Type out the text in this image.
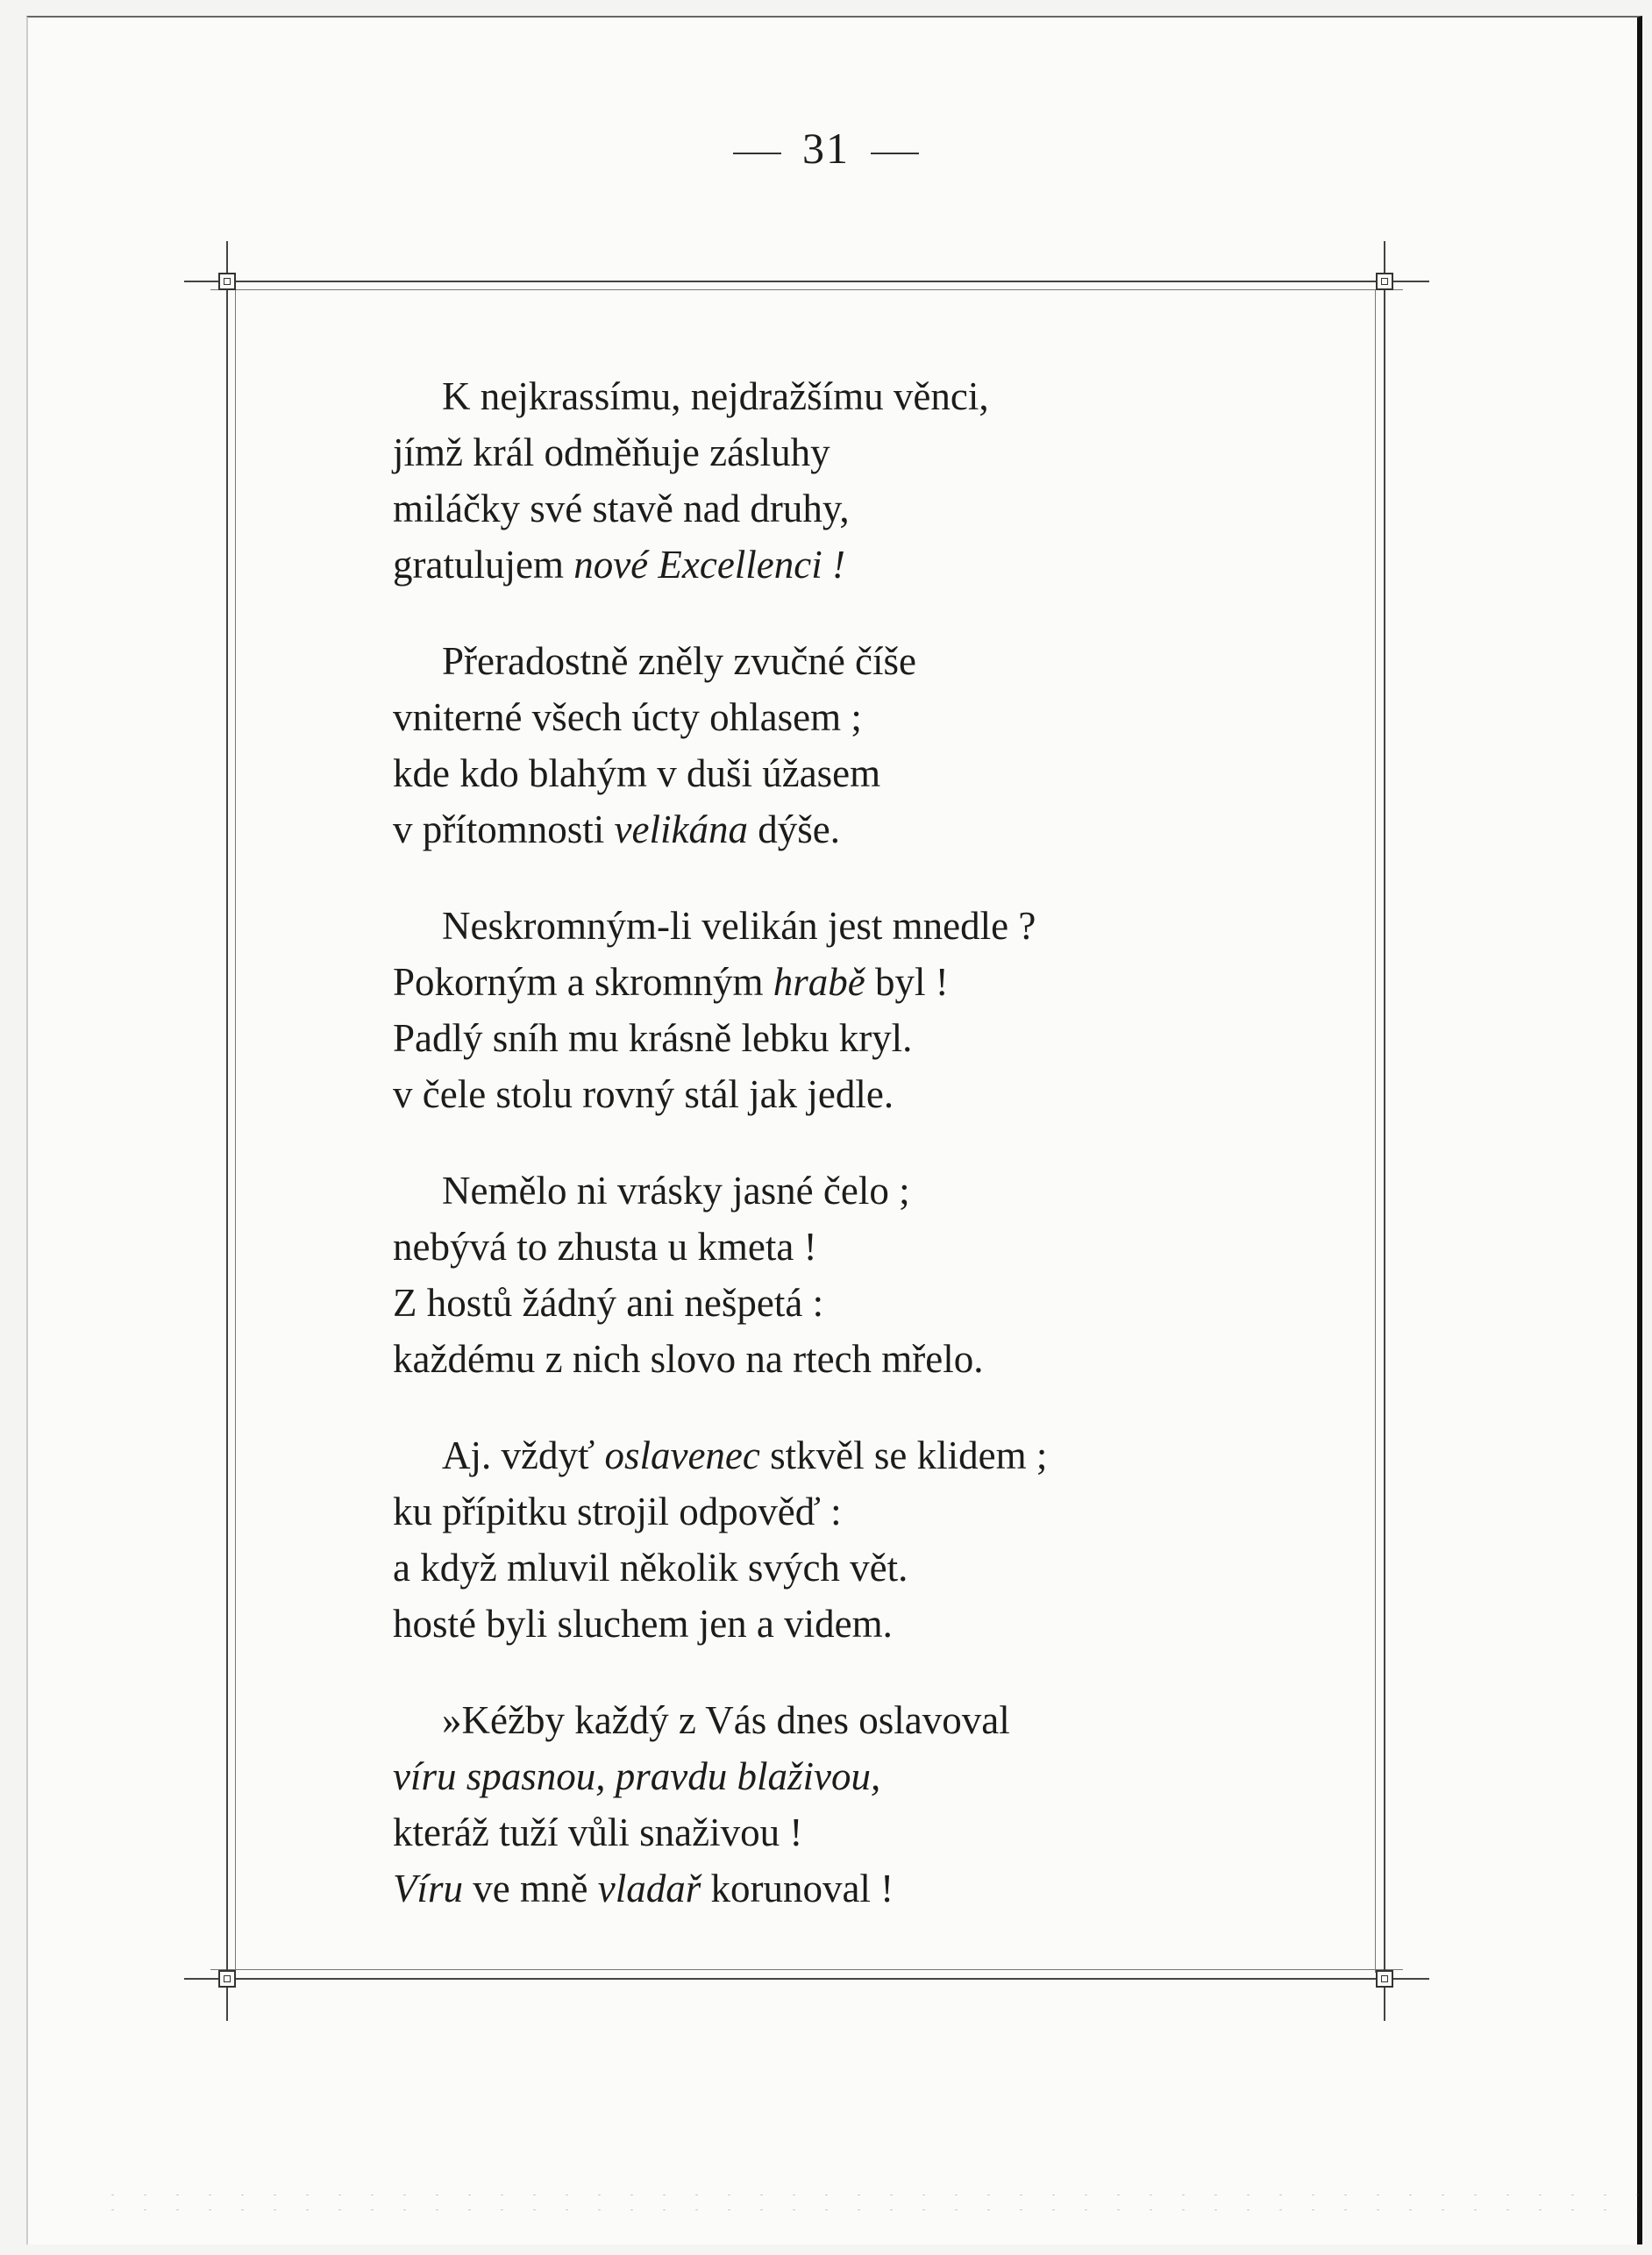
31
K nejkrassímu, nejdražšímu věnci,
jímž král odměňuje zásluhy
miláčky své stavě nad druhy,
gratulujem nové Excellenci !
Přeradostně zněly zvučné číše
vniterné všech úcty ohlasem ;
kde kdo blahým v duši úžasem
v přítomnosti velikána dýše.
Neskromným-li velikán jest mnedle ?
Pokorným a skromným hrabě byl !
Padlý sníh mu krásně lebku kryl.
v čele stolu rovný stál jak jedle.
Nemělo ni vrásky jasné čelo ;
nebývá to zhusta u kmeta !
Z hostů žádný ani nešpetá :
každému z nich slovo na rtech mřelo.
Aj. vždyť oslavenec stkvěl se klidem ;
ku přípitku strojil odpověď :
a když mluvil několik svých vět.
hosté byli sluchem jen a videm.
»Kéžby každý z Vás dnes oslavoval
víru spasnou, pravdu blaživou,
kteráž tuží vůli snaživou !
Víru ve mně vladař korunoval !
